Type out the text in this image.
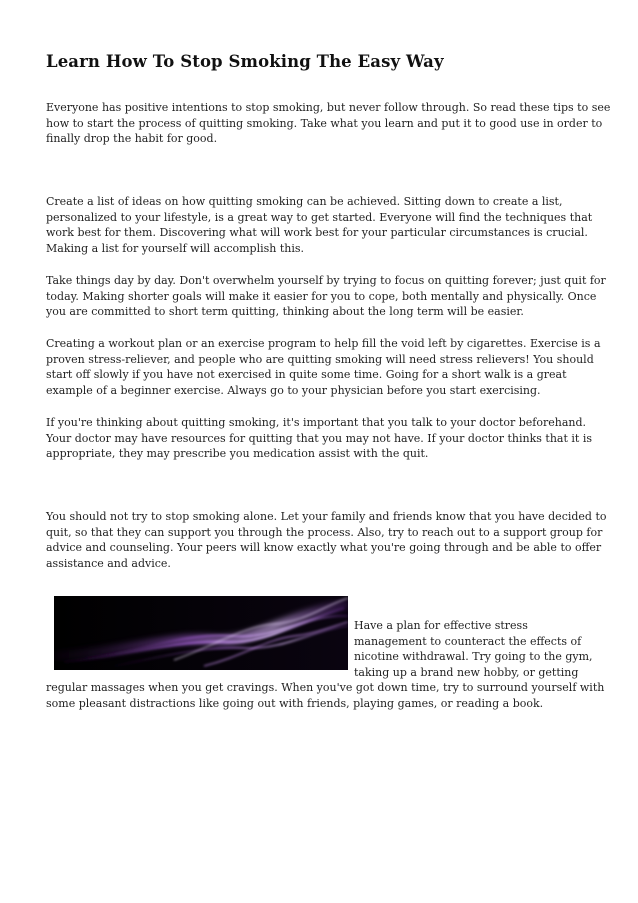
Learn How To Stop Smoking The Easy Way

Everyone has positive intentions to stop smoking, but never follow through. So read these tips to see
how to start the process of quitting smoking. Take what you learn and put it to good use in order to
finally drop the habit for good.

Create a list of ideas on how quitting smoking can be achieved. Sitting down to create a list,
personalized to your lifestyle, is a great way to get started. Everyone will find the techniques that
work best for them. Discovering what will work best for your particular circumstances is crucial.
Making a list for yourself will accomplish this.

Take things day by day. Don't overwhelm yourself by trying to focus on quitting forever; just quit for
today. Making shorter goals will make it easier for you to cope, both mentally and physically. Once
you are committed to short term quitting, thinking about the long term will be easier.

Creating a workout plan or an exercise program to help fill the void left by cigarettes. Exercise is a
proven stress-reliever, and people who are quitting smoking will need stress relievers! You should
start off slowly if you have not exercised in quite some time. Going for a short walk is a great
example of a beginner exercise. Always go to your physician before you start exercising.

If you're thinking about quitting smoking, it's important that you talk to your doctor beforehand.
Your doctor may have resources for quitting that you may not have. If your doctor thinks that it is
appropriate, they may prescribe you medication assist with the quit.

You should not try to stop smoking alone. Let your family and friends know that you have decided to
quit, so that they can support you through the process. Also, try to reach out to a support group for
advice and counseling. Your peers will know exactly what you're going through and be able to offer
assistance and advice.

Have a plan for effective stress
management to counteract the effects of
nicotine withdrawal. Try going to the gym,
taking up a brand new hobby, or getting
regular massages when you get cravings. When you've got down time, try to surround yourself with
some pleasant distractions like going out with friends, playing games, or reading a book.
